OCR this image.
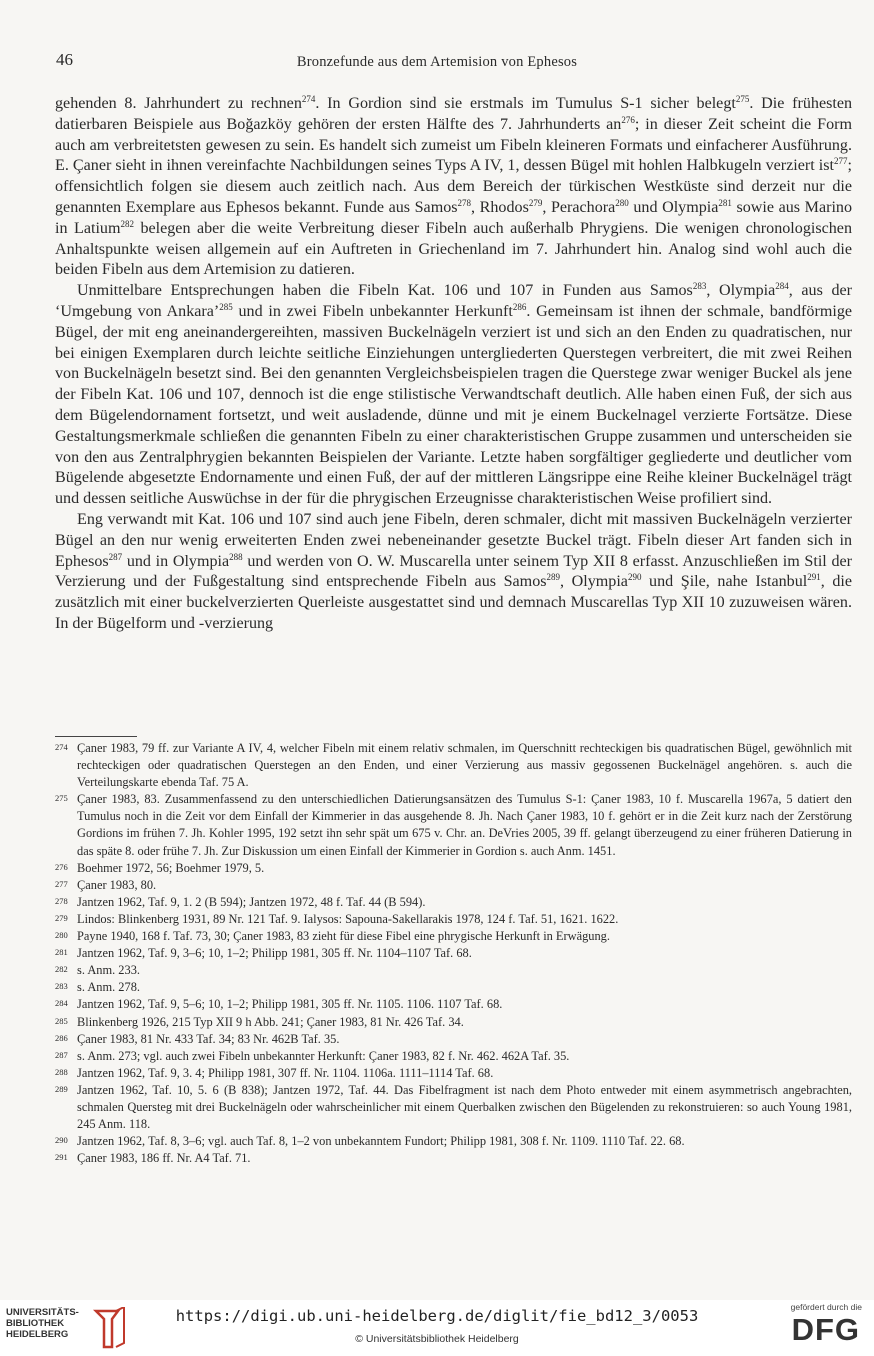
46	Bronzefunde aus dem Artemision von Ephesos

gehenden 8. Jahrhundert zu rechnen$^{274}$. In Gordion sind sie erstmals im Tumulus S-1 sicher belegt$^{275}$. Die frühesten datierbaren Beispiele aus Boğazköy gehören der ersten Hälfte des 7. Jahrhunderts $an^{276}$; in dieser Zeit scheint die Form auch am verbreitetsten gewesen zu sein. Es handelt sich zumeist um Fibeln kleineren Formats und einfacherer Ausführung. E. Çaner sieht in ihnen vereinfachte Nachbildungen seines Typs A IV, 1, dessen Bügel mit hohlen Halbkugeln verziert ist$^{277}$; offensichtlich folgen sie diesem auch zeitlich nach. Aus dem Bereich der türkischen Westküste sind derzeit nur die genannten Exemplare aus Ephesos bekannt. Funde aus Samos$^{278}$, Rhodos$^{279}$, Perachora$^{280}$ und Olympia$^{281}$ sowie aus Marino in Latium$^{282}$ belegen aber die weite Verbreitung dieser Fibeln auch außerhalb Phrygiens. Die wenigen chronologischen Anhaltspunkte weisen allgemein auf ein Auftreten in Griechenland im 7. Jahrhundert hin. Analog sind wohl auch die beiden Fibeln aus dem Artemision zu datieren.

Unmittelbare Entsprechungen haben die Fibeln Kat. 106 und 107 in Funden aus Samos$^{283}$, Olympia$^{284}$, aus der ‘Umgebung von Ankara’$^{285}$ und in zwei Fibeln unbekannter Herkunft$^{286}$. Gemeinsam ist ihnen der schmale, bandförmige Bügel, der mit eng aneinandergereihten, massiven Buckelnägeln verziert ist und sich an den Enden zu quadratischen, nur bei einigen Exemplaren durch leichte seitliche Einziehungen untergliederten Querstegen verbreitert, die mit zwei Reihen von Buckelnägeln besetzt sind. Bei den genannten Vergleichsbeispielen tragen die Querstege zwar weniger Buckel als jene der Fibeln Kat. 106 und 107, dennoch ist die enge stilistische Verwandtschaft deutlich. Alle haben einen Fuß, der sich aus dem Bügelendornament fortsetzt, und weit ausladende, dünne und mit je einem Buckelnagel verzierte Fortsätze. Diese Gestaltungsmerkmale schließen die genannten Fibeln zu einer charakteristischen Gruppe zusammen und unterscheiden sie von den aus Zentralphrygien bekannten Beispielen der Variante. Letzte haben sorgfältiger gegliederte und deutlicher vom Bügelende abgesetzte Endornamente und einen Fuß, der auf der mittleren Längsrippe eine Reihe kleiner Buckelnägel trägt und dessen seitliche Auswüchse in der für die phrygischen Erzeugnisse charakteristischen Weise profiliert sind.

Eng verwandt mit Kat. 106 und 107 sind auch jene Fibeln, deren schmaler, dicht mit massiven Buckelnägeln verzierter Bügel an den nur wenig erweiterten Enden zwei nebeneinander gesetzte Buckel trägt. Fibeln dieser Art fanden sich in Ephesos$^{287}$ und in Olympia$^{288}$ und werden von O. W. Muscarella unter seinem Typ XII 8 erfasst. Anzuschließen im Stil der Verzierung und der Fußgestaltung sind entsprechende Fibeln aus Samos$^{289}$, Olympia$^{290}$ und Şile, nahe Istanbul$^{291}$, die zusätzlich mit einer buckelverzierten Querleiste ausgestattet sind und demnach Muscarellas Typ XII 10 zuzuweisen wären. In der Bügelform und -verzierung

274 Çaner 1983, 79 ff. zur Variante A IV, 4, welcher Fibeln mit einem relativ schmalen, im Querschnitt rechteckigen bis quadratischen Bügel, gewöhnlich mit rechteckigen oder quadratischen Querstegen an den Enden, und einer Verzierung aus massiv gegossenen Buckelnägel angehören. s. auch die Verteilungskarte ebenda Taf. 75 A.
275 Çaner 1983, 83. Zusammenfassend zu den unterschiedlichen Datierungsansätzen des Tumulus S-1: Çaner 1983, 10 f. Muscarella 1967a, 5 datiert den Tumulus noch in die Zeit vor dem Einfall der Kimmerier in das ausgehende 8. Jh. Nach Çaner 1983, 10 f. gehört er in die Zeit kurz nach der Zerstörung Gordions im frühen 7. Jh. Kohler 1995, 192 setzt ihn sehr spät um 675 v. Chr. an. DeVries 2005, 39 ff. gelangt überzeugend zu einer früheren Datierung in das späte 8. oder frühe 7. Jh. Zur Diskussion um einen Einfall der Kimmerier in Gordion s. auch Anm. 1451.
276 Boehmer 1972, 56; Boehmer 1979, 5.
277 Çaner 1983, 80.
278 Jantzen 1962, Taf. 9, 1. 2 (B 594); Jantzen 1972, 48 f. Taf. 44 (B 594).
279 Lindos: Blinkenberg 1931, 89 Nr. 121 Taf. 9. Ialysos: Sapouna-Sakellarakis 1978, 124 f. Taf. 51, 1621. 1622.
280 Payne 1940, 168 f. Taf. 73, 30; Çaner 1983, 83 zieht für diese Fibel eine phrygische Herkunft in Erwägung.
281 Jantzen 1962, Taf. 9, 3–6; 10, 1–2; Philipp 1981, 305 ff. Nr. 1104–1107 Taf. 68.
282 s. Anm. 233.
283 s. Anm. 278.
284 Jantzen 1962, Taf. 9, 5–6; 10, 1–2; Philipp 1981, 305 ff. Nr. 1105. 1106. 1107 Taf. 68.
285 Blinkenberg 1926, 215 Typ XII 9 h Abb. 241; Çaner 1983, 81 Nr. 426 Taf. 34.
286 Çaner 1983, 81 Nr. 433 Taf. 34; 83 Nr. 462B Taf. 35.
287 s. Anm. 273; vgl. auch zwei Fibeln unbekannter Herkunft: Çaner 1983, 82 f. Nr. 462. 462A Taf. 35.
288 Jantzen 1962, Taf. 9, 3. 4; Philipp 1981, 307 ff. Nr. 1104. 1106a. 1111–1114 Taf. 68.
289 Jantzen 1962, Taf. 10, 5. 6 (B 838); Jantzen 1972, Taf. 44. Das Fibelfragment ist nach dem Photo entweder mit einem asymmetrisch angebrachten, schmalen Quersteg mit drei Buckelnägeln oder wahrscheinlicher mit einem Querbalken zwischen den Bügelenden zu rekonstruieren: so auch Young 1981, 245 Anm. 118.
290 Jantzen 1962, Taf. 8, 3–6; vgl. auch Taf. 8, 1–2 von unbekanntem Fundort; Philipp 1981, 308 f. Nr. 1109. 1110 Taf. 22. 68.
291 Çaner 1983, 186 ff. Nr. A4 Taf. 71.
UNIVERSITÄTS-
BIBLIOTHEK
HEIDELBERG
https://digi.ub.uni-heidelberg.de/diglit/fie_bd12_3/0053
© Universitätsbibliothek Heidelberg
gefördert durch die
DFG
